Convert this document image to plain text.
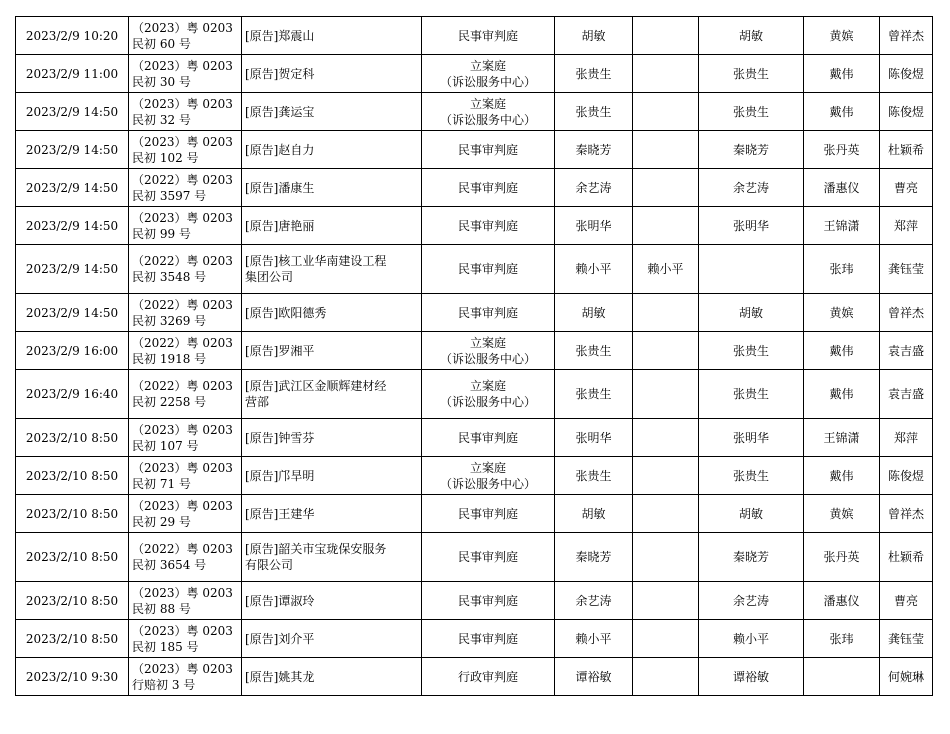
2023/2/9 10:20	（2023）粤 0203
民初 60 号	[原告]郑震山	民事审判庭	胡敏		胡敏	黄嫔	曾祥杰
2023/2/9 11:00	（2023）粤 0203
民初 30 号	[原告]贺定科	立案庭
（诉讼服务中心）	张贵生		张贵生	戴伟	陈俊煜
2023/2/9 14:50	（2023）粤 0203
民初 32 号	[原告]龚运宝	立案庭
（诉讼服务中心）	张贵生		张贵生	戴伟	陈俊煜
2023/2/9 14:50	（2023）粤 0203
民初 102 号	[原告]赵自力	民事审判庭	秦晓芳		秦晓芳	张丹英	杜颖希
2023/2/9 14:50	（2022）粤 0203
民初 3597 号	[原告]潘康生	民事审判庭	余艺涛		余艺涛	潘惠仪	曹亮
2023/2/9 14:50	（2023）粤 0203
民初 99 号	[原告]唐艳丽	民事审判庭	张明华		张明华	王锦潇	郑萍
2023/2/9 14:50	（2022）粤 0203
民初 3548 号	[原告]核工业华南建设工程
集团公司	民事审判庭	赖小平	赖小平		张玮	龚钰莹
2023/2/9 14:50	（2022）粤 0203
民初 3269 号	[原告]欧阳德秀	民事审判庭	胡敏		胡敏	黄嫔	曾祥杰
2023/2/9 16:00	（2022）粤 0203
民初 1918 号	[原告]罗湘平	立案庭
（诉讼服务中心）	张贵生		张贵生	戴伟	袁吉盛
2023/2/9 16:40	（2022）粤 0203
民初 2258 号	[原告]武江区金顺辉建材经
营部	立案庭
（诉讼服务中心）	张贵生		张贵生	戴伟	袁吉盛
2023/2/10 8:50	（2023）粤 0203
民初 107 号	[原告]钟雪芬	民事审判庭	张明华		张明华	王锦潇	郑萍
2023/2/10 8:50	（2023）粤 0203
民初 71 号	[原告]邝旱明	立案庭
（诉讼服务中心）	张贵生		张贵生	戴伟	陈俊煜
2023/2/10 8:50	（2023）粤 0203
民初 29 号	[原告]王建华	民事审判庭	胡敏		胡敏	黄嫔	曾祥杰
2023/2/10 8:50	（2022）粤 0203
民初 3654 号	[原告]韶关市宝珑保安服务
有限公司	民事审判庭	秦晓芳		秦晓芳	张丹英	杜颖希
2023/2/10 8:50	（2023）粤 0203
民初 88 号	[原告]谭淑玲	民事审判庭	余艺涛		余艺涛	潘惠仪	曹亮
2023/2/10 8:50	（2023）粤 0203
民初 185 号	[原告]刘介平	民事审判庭	赖小平		赖小平	张玮	龚钰莹
2023/2/10 9:30	（2023）粤 0203
行赔初 3 号	[原告]姚其龙	行政审判庭	谭裕敏		谭裕敏		何婉琳
